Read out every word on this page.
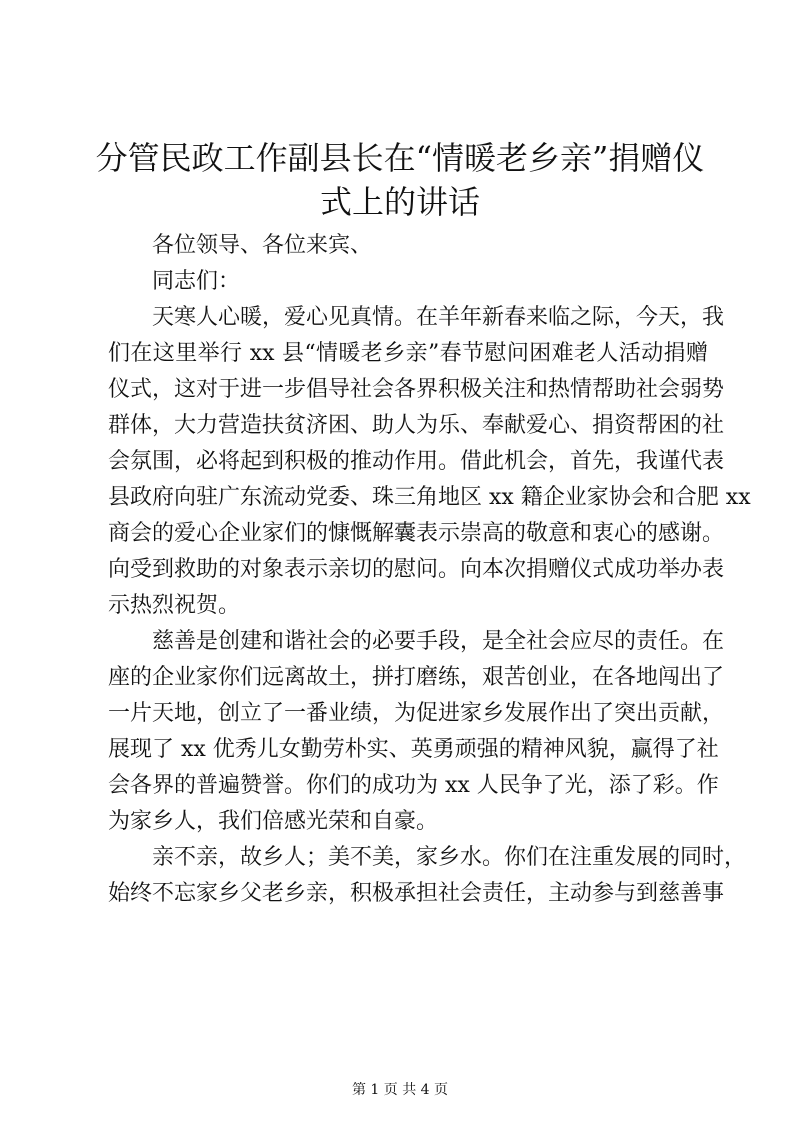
分管民政工作副县长在“情暖老乡亲”捐赠仪
式上的讲话
各位领导、各位来宾、
同志们：
天寒人心暖，爱心见真情。在羊年新春来临之际，今天，我
们在这里举行 xx 县“情暖老乡亲”春节慰问困难老人活动捐赠
仪式，这对于进一步倡导社会各界积极关注和热情帮助社会弱势
群体，大力营造扶贫济困、助人为乐、奉献爱心、捐资帮困的社
会氛围，必将起到积极的推动作用。借此机会，首先，我谨代表
县政府向驻广东流动党委、珠三角地区 xx 籍企业家协会和合肥 xx
商会的爱心企业家们的慷慨解囊表示崇高的敬意和衷心的感谢。
向受到救助的对象表示亲切的慰问。向本次捐赠仪式成功举办表
示热烈祝贺。
慈善是创建和谐社会的必要手段，是全社会应尽的责任。在
座的企业家你们远离故土，拼打磨练，艰苦创业，在各地闯出了
一片天地，创立了一番业绩，为促进家乡发展作出了突出贡献，
展现了 xx 优秀儿女勤劳朴实、英勇顽强的精神风貌，赢得了社
会各界的普遍赞誉。你们的成功为 xx 人民争了光，添了彩。作
为家乡人，我们倍感光荣和自豪。
亲不亲，故乡人；美不美，家乡水。你们在注重发展的同时，
始终不忘家乡父老乡亲，积极承担社会责任，主动参与到慈善事
第 1 页 共 4 页
